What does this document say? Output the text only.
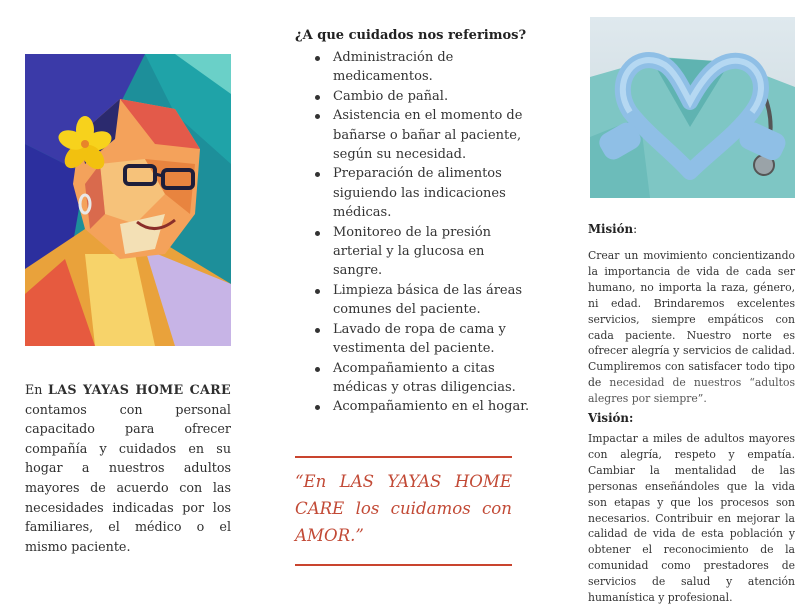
En LAS YAYAS HOME CARE contamos con personal capacitado para ofrecer compañía y cuidados en su hogar a nuestros adultos mayores de acuerdo con las necesidades indicadas por los familiares, el médico o el mismo paciente.
¿A que cuidados nos referimos?
Administración de medicamentos.
Cambio de pañal.
Asistencia en el momento de bañarse o bañar al paciente, según su necesidad.
Preparación de alimentos siguiendo las indicaciones médicas.
Monitoreo de la presión arterial y la glucosa en sangre.
Limpieza básica de las áreas comunes del paciente.
Lavado de ropa de cama y vestimenta del paciente.
Acompañamiento a citas médicas y otras diligencias.
Acompañamiento en el hogar.
“En LAS YAYAS HOME CARE los cuidamos con AMOR.”
Misión:
Crear un movimiento concientizando la importancia de vida de cada ser humano, no importa la raza, género, ni edad. Brindaremos excelentes servicios, siempre empáticos con cada paciente. Nuestro norte es ofrecer alegría y servicios de calidad. Cumpliremos con satisfacer todo tipo de necesidad de nuestros “adultos alegres por siempre”.
Visión:
Impactar a miles de adultos mayores con alegría, respeto y empatía. Cambiar la mentalidad de las personas enseñándoles que la vida son etapas y que los procesos son necesarios. Contribuir en mejorar la calidad de vida de esta población y obtener el reconocimiento de la comunidad como prestadores de servicios de salud y atención humanística y profesional.
